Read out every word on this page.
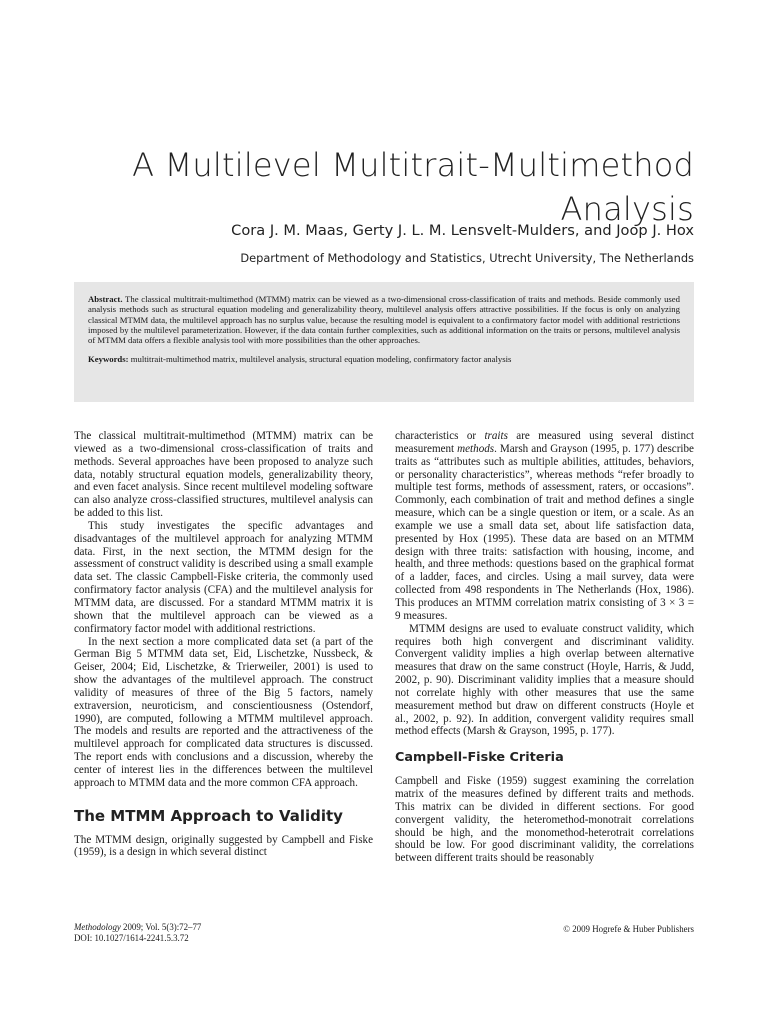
A Multilevel Multitrait-Multimethod Analysis
Cora J. M. Maas, Gerty J. L. M. Lensvelt-Mulders, and Joop J. Hox
Department of Methodology and Statistics, Utrecht University, The Netherlands

Abstract. The classical multitrait-multimethod (MTMM) matrix can be viewed as a two-dimensional cross-classification of traits and methods. Beside commonly used analysis methods such as structural equation modeling and generalizability theory, multilevel analysis offers attractive possibilities. If the focus is only on analyzing classical MTMM data, the multilevel approach has no surplus value, because the resulting model is equivalent to a confirmatory factor model with additional restrictions imposed by the multilevel parameterization. However, if the data contain further complexities, such as additional information on the traits or persons, multilevel analysis of MTMM data offers a flexible analysis tool with more possibilities than the other approaches.

Keywords: multitrait-multimethod matrix, multilevel analysis, structural equation modeling, confirmatory factor analysis

The classical multitrait-multimethod (MTMM) matrix can be viewed as a two-dimensional cross-classification of traits and methods. Several approaches have been proposed to analyze such data, notably structural equation models, generalizability theory, and even facet analysis. Since recent multilevel modeling software can also analyze cross-classified structures, multilevel analysis can be added to this list.

This study investigates the specific advantages and disadvantages of the multilevel approach for analyzing MTMM data. First, in the next section, the MTMM design for the assessment of construct validity is described using a small example data set. The classic Campbell-Fiske criteria, the commonly used confirmatory factor analysis (CFA) and the multilevel analysis for MTMM data, are discussed. For a standard MTMM matrix it is shown that the multilevel approach can be viewed as a confirmatory factor model with additional restrictions.

In the next section a more complicated data set (a part of the German Big 5 MTMM data set, Eid, Lischetzke, Nussbeck, & Geiser, 2004; Eid, Lischetzke, & Trierweiler, 2001) is used to show the advantages of the multilevel approach. The construct validity of measures of three of the Big 5 factors, namely extraversion, neuroticism, and conscientiousness (Ostendorf, 1990), are computed, following a MTMM multilevel approach. The models and results are reported and the attractiveness of the multilevel approach for complicated data structures is discussed. The report ends with conclusions and a discussion, whereby the center of interest lies in the differences between the multilevel approach to MTMM data and the more common CFA approach.

The MTMM Approach to Validity

The MTMM design, originally suggested by Campbell and Fiske (1959), is a design in which several distinct

characteristics or traits are measured using several distinct measurement methods. Marsh and Grayson (1995, p. 177) describe traits as “attributes such as multiple abilities, attitudes, behaviors, or personality characteristics”, whereas methods “refer broadly to multiple test forms, methods of assessment, raters, or occasions”. Commonly, each combination of trait and method defines a single measure, which can be a single question or item, or a scale. As an example we use a small data set, about life satisfaction data, presented by Hox (1995). These data are based on an MTMM design with three traits: satisfaction with housing, income, and health, and three methods: questions based on the graphical format of a ladder, faces, and circles. Using a mail survey, data were collected from 498 respondents in The Netherlands (Hox, 1986). This produces an MTMM correlation matrix consisting of 3 × 3 = 9 measures.

MTMM designs are used to evaluate construct validity, which requires both high convergent and discriminant validity. Convergent validity implies a high overlap between alternative measures that draw on the same construct (Hoyle, Harris, & Judd, 2002, p. 90). Discriminant validity implies that a measure should not correlate highly with other measures that use the same measurement method but draw on different constructs (Hoyle et al., 2002, p. 92). In addition, convergent validity requires small method effects (Marsh & Grayson, 1995, p. 177).

Campbell-Fiske Criteria

Campbell and Fiske (1959) suggest examining the correlation matrix of the measures defined by different traits and methods. This matrix can be divided in different sections. For good convergent validity, the heteromethod-monotrait correlations should be high, and the monomethod-heterotrait correlations should be low. For good discriminant validity, the correlations between different traits should be reasonably

Methodology 2009; Vol. 5(3):72–77
DOI: 10.1027/1614-2241.5.3.72
© 2009 Hogrefe & Huber Publishers
